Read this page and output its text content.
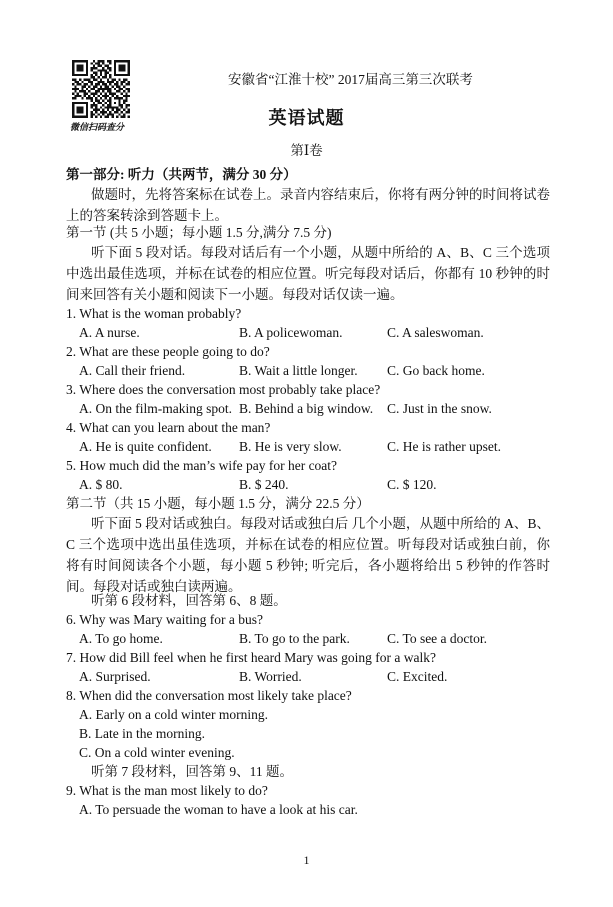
微信扫码查分
安徽省“江淮十校” 2017届高三第三次联考
英语试题
第Ⅰ卷
第一部分: 听力（共两节，满分 30 分）
做题时，先将答案标在试卷上。录音内容结束后，你将有两分钟的时间将试卷上的答案转涂到答题卡上。
第一节 (共 5 小题；每小题 1.5 分,满分 7.5 分)
听下面 5 段对话。每段对话后有一个小题，从题中所给的 A、B、C 三个选项中选出最佳选项，并标在试卷的相应位置。听完每段对话后，你都有 10 秒钟的时间来回答有关小题和阅读下一小题。每段对话仅读一遍。
1. What is the woman probably?
A. A nurse.	B. A policewoman.	C. A saleswoman.
2. What are these people going to do?
A. Call their friend.	B. Wait a little longer. C. Go back home.
3. Where does the conversation most probably take place?
A. On the film-making spot. B. Behind a big window. C. Just in the snow.
4. What can you learn about the man?
A. He is quite confident. B. He is very slow.	C. He is rather upset.
5. How much did the man’s wife pay for her coat?
A. $ 80.	B. $ 240.	C. $ 120.
第二节（共 15 小题，每小题 1.5 分，满分 22.5 分）
听下面 5 段对话或独白。每段对话或独白后 几个小题，从题中所给的 A、B、C 三个选项中选出虽佳选项，并标在试卷的相应位置。听每段对话或独白前，你将有时间阅读各个小题，每小题 5 秒钟; 听完后，各小题将给出 5 秒钟的作答时间。每段对话或独白读两遍。
听第 6 段材料，回答第 6、8 题。
6. Why was Mary waiting for a bus?
A. To go home.	B. To go to the park.	C. To see a doctor.
7. How did Bill feel when he first heard Mary was going for a walk?
A. Surprised.	B. Worried.	C. Excited.
8. When did the conversation most likely take place?
A. Early on a cold winter morning.
B. Late in the morning.
C. On a cold winter evening.
听第 7 段材料，回答第 9、11 题。
9. What is the man most likely to do?
A. To persuade the woman to have a look at his car.
1
